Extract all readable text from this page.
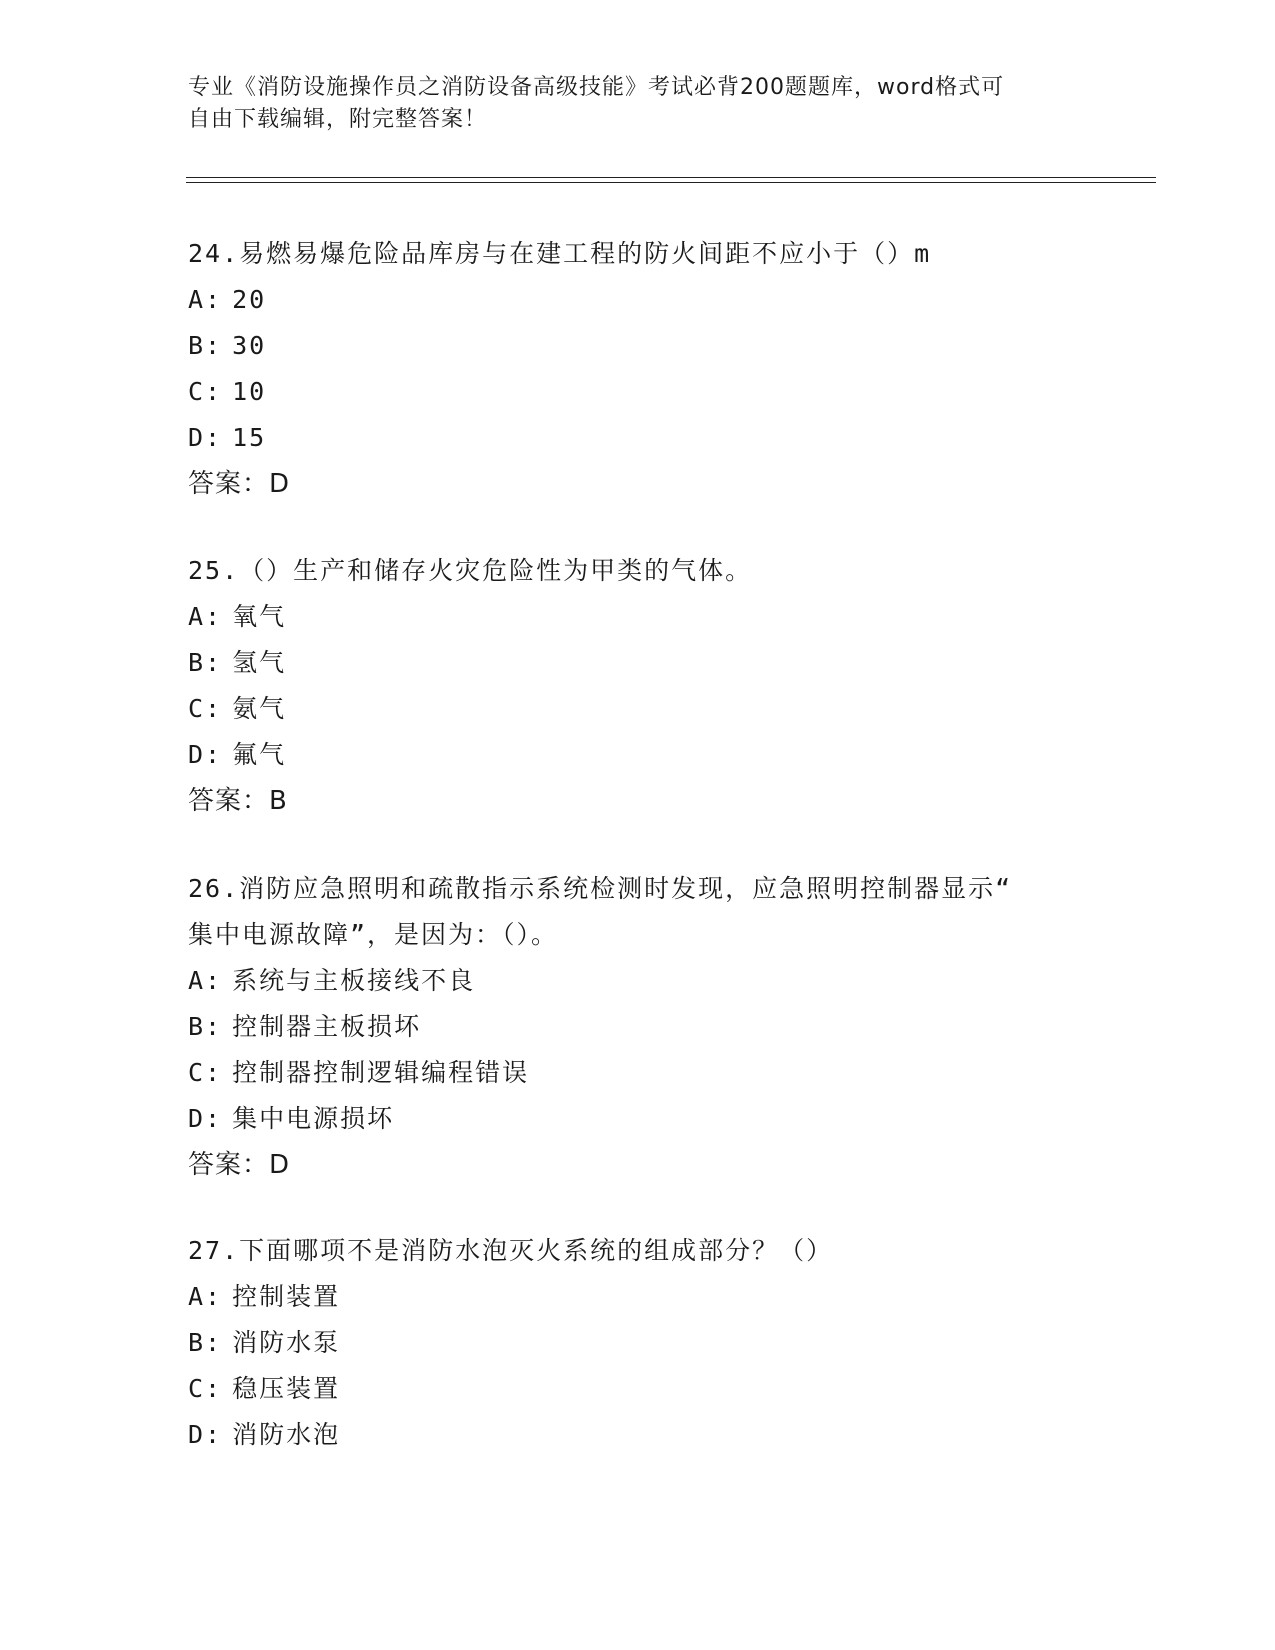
专业《消防设施操作员之消防设备高级技能》考试必背200题题库，word格式可

自由下载编辑，附完整答案！

24.易燃易爆危险品库房与在建工程的防火间距不应小于（）m

A: 20

B: 30

C: 10

D: 15

答案：D

25.（）生产和储存火灾危险性为甲类的气体。

A: 氧气

B: 氢气

C: 氨气

D: 氟气

答案：B

26.消防应急照明和疏散指示系统检测时发现，应急照明控制器显示“

集中电源故障”，是因为：（）。

A: 系统与主板接线不良

B: 控制器主板损坏

C: 控制器控制逻辑编程错误

D: 集中电源损坏

答案：D

27.下面哪项不是消防水泡灭火系统的组成部分？（）

A: 控制装置

B: 消防水泵

C: 稳压装置

D: 消防水泡
